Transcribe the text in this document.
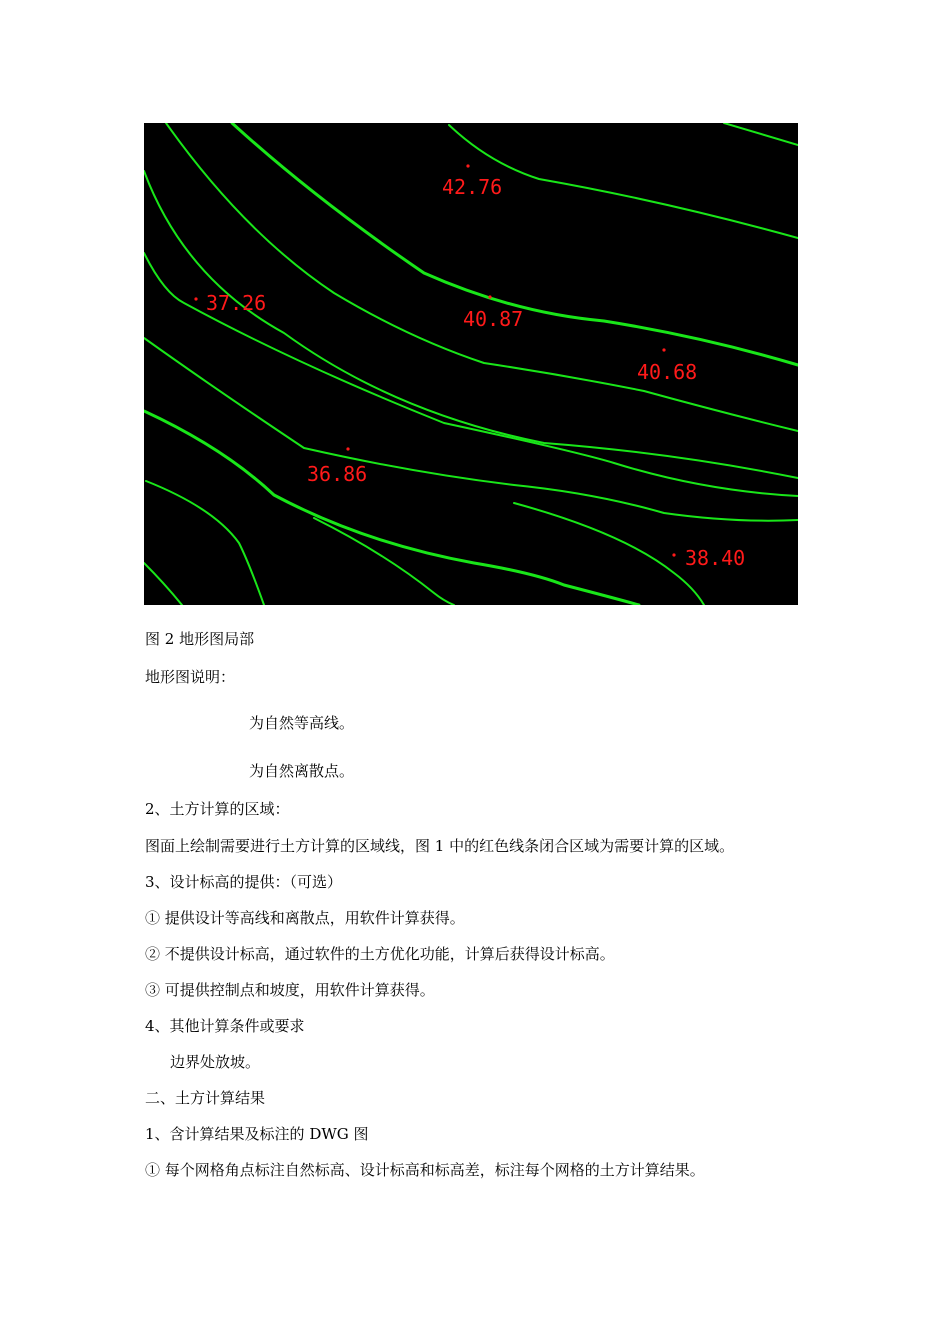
42.76
37.26
40.87
40.68
36.86
38.40
图 2 地形图局部
地形图说明：
为自然等高线。
为自然离散点。
2、土方计算的区域：
图面上绘制需要进行土方计算的区域线，图 1 中的红色线条闭合区域为需要计算的区域。
3、设计标高的提供：（可选）
① 提供设计等高线和离散点，用软件计算获得。
② 不提供设计标高，通过软件的土方优化功能，计算后获得设计标高。
③ 可提供控制点和坡度，用软件计算获得。
4、其他计算条件或要求
边界处放坡。
二、土方计算结果
1、含计算结果及标注的 DWG 图
① 每个网格角点标注自然标高、设计标高和标高差，标注每个网格的土方计算结果。
